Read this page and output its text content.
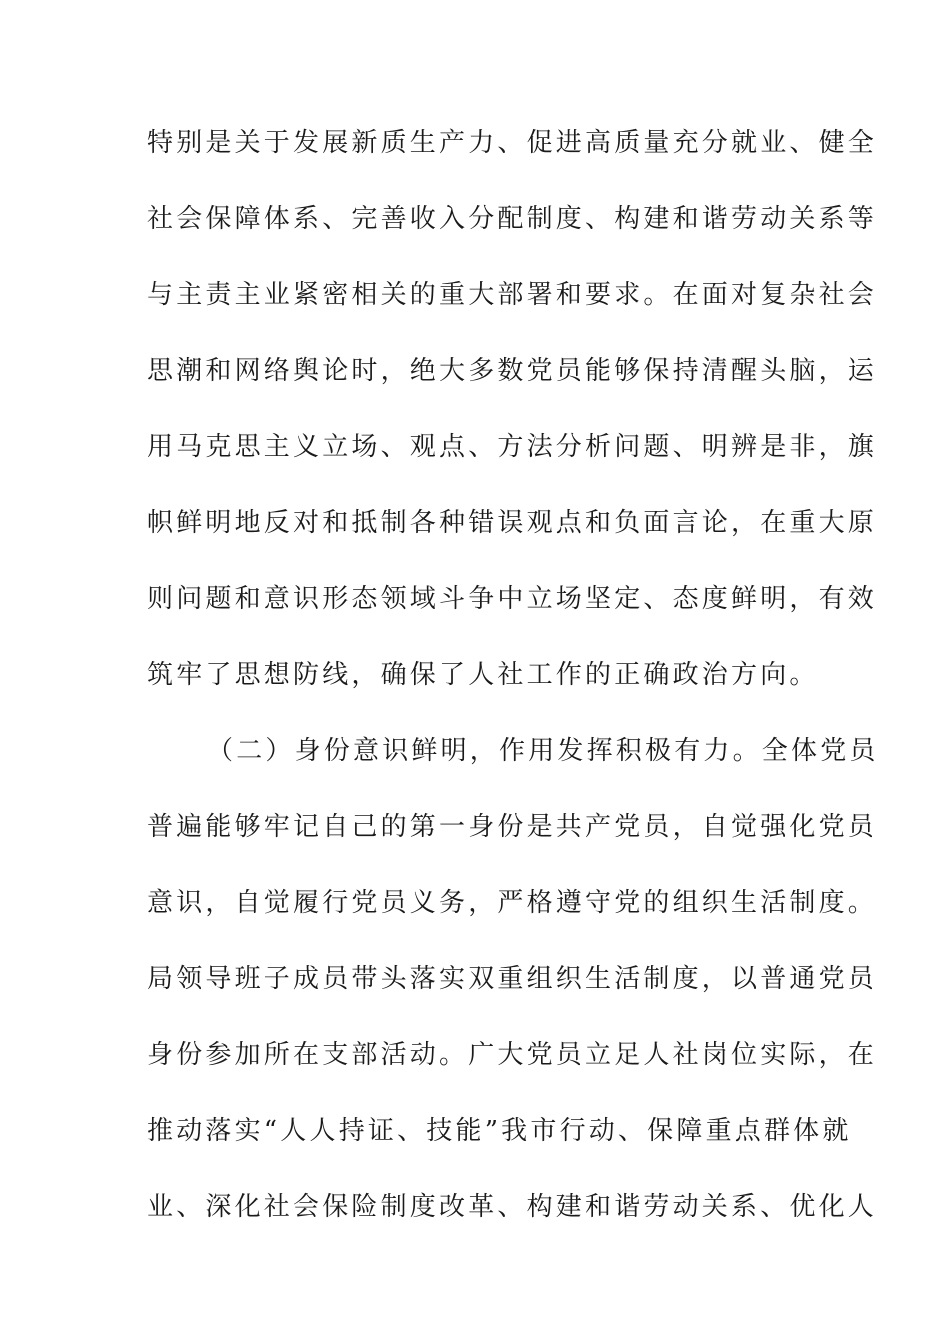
特别是关于发展新质生产力、促进高质量充分就业、健全
社会保障体系、完善收入分配制度、构建和谐劳动关系等
与主责主业紧密相关的重大部署和要求。在面对复杂社会
思潮和网络舆论时，绝大多数党员能够保持清醒头脑，运
用马克思主义立场、观点、方法分析问题、明辨是非，旗
帜鲜明地反对和抵制各种错误观点和负面言论，在重大原
则问题和意识形态领域斗争中立场坚定、态度鲜明，有效
筑牢了思想防线，确保了人社工作的正确政治方向。
（二）身份意识鲜明，作用发挥积极有力。全体党员
普遍能够牢记自己的第一身份是共产党员，自觉强化党员
意识，自觉履行党员义务，严格遵守党的组织生活制度。
局领导班子成员带头落实双重组织生活制度，以普通党员
身份参加所在支部活动。广大党员立足人社岗位实际，在
推动落实“人人持证、技能”我市行动、保障重点群体就
业、深化社会保险制度改革、构建和谐劳动关系、优化人
